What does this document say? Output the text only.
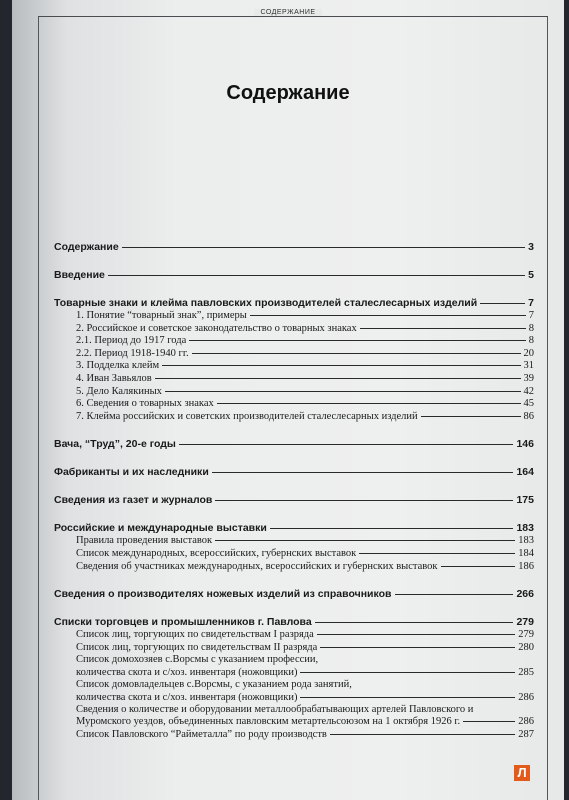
СОДЕРЖАНИЕ
Содержание
Содержание	3
Введение	5
Товарные знаки и клейма павловских производителей сталеслесарных изделий	7
1. Понятие “товарный знак”, примеры	7
2. Российское и советское законодательство о товарных знаках	8
2.1. Период до 1917 года	8
2.2. Период 1918-1940 гг.	20
3. Подделка клейм	31
4. Иван Завьялов	39
5. Дело Калякиных	42
6. Сведения о товарных знаках	45
7. Клейма российских и советских производителей сталеслесарных изделий	86
Вача, “Труд”, 20-е годы	146
Фабриканты и их наследники	164
Сведения из газет и журналов	175
Российские и международные выставки	183
Правила проведения выставок	183
Список международных, всероссийских, губернских выставок	184
Сведения об участниках международных, всероссийских и губернских выставок	186
Сведения о производителях ножевых изделий из справочников	266
Списки торговцев и промышленников г. Павлова	279
Список лиц, торгующих по свидетельствам I разряда	279
Список лиц, торгующих по свидетельствам II разряда	280
Список домохозяев с.Ворсмы с указанием профессии,
количества скота и с/хоз. инвентаря (ножовщики)	285
Список домовладельцев с.Ворсмы, с указанием рода занятий,
количества скота и с/хоз. инвентаря (ножовщики)	286
Сведения о количестве и оборудовании металлообрабатывающих артелей Павловского и
Муромского уездов, объединенных павловским метартельсоюзом на 1 октября 1926 г.	286
Список Павловского “Райметалла” по роду производств	287
Л
